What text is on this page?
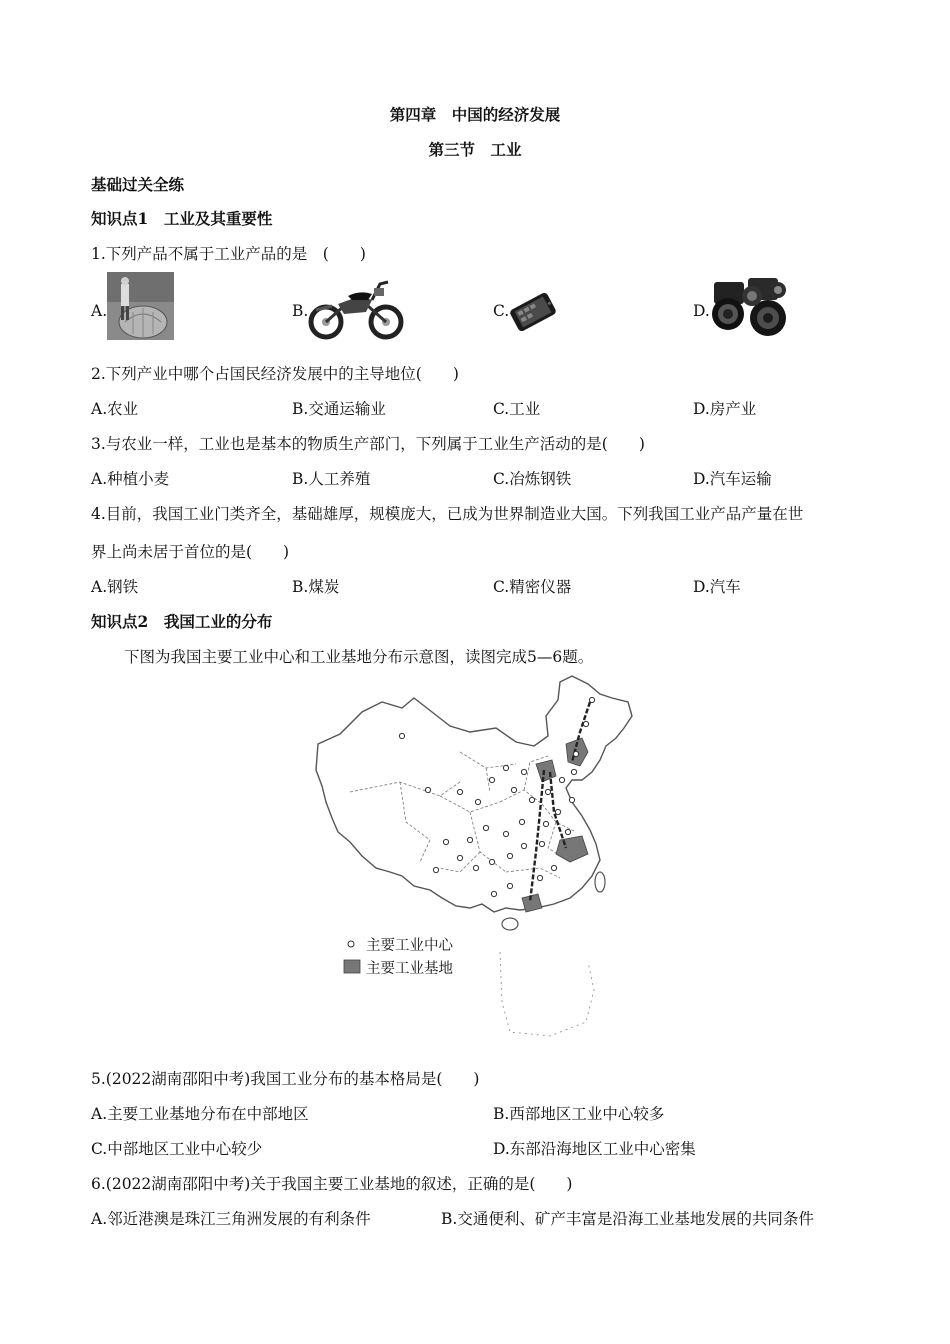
第四章　中国的经济发展
第三节　工业
基础过关全练
知识点1　 工业及其重要性
1.下列产品不属于工业产品的是　(　　)
A.	B.	C.	D.
2.下列产业中哪个占国民经济发展中的主导地位(　　)
A.农业	B.交通运输业	C.工业	D.房产业
3.与农业一样，工业也是基本的物质生产部门，下列属于工业生产活动的是(　　)
A.种植小麦	B.人工养殖	C.冶炼钢铁	D.汽车运输
4.目前，我国工业门类齐全，基础雄厚，规模庞大，已成为世界制造业大国。下列我国工业产品产量在世
界上尚未居于首位的是(　　)
A.钢铁	B.煤炭	C.精密仪器	D.汽车
知识点2　 我国工业的分布
下图为我国主要工业中心和工业基地分布示意图，读图完成5—6题。
主要工业中心
主要工业基地
5.(2022湖南邵阳中考)我国工业分布的基本格局是(　　)
A.主要工业基地分布在中部地区	B.西部地区工业中心较多
C.中部地区工业中心较少	D.东部沿海地区工业中心密集
6.(2022湖南邵阳中考)关于我国主要工业基地的叙述，正确的是(　　)
A.邻近港澳是珠江三角洲发展的有利条件	B.交通便利、矿产丰富是沿海工业基地发展的共同条件
